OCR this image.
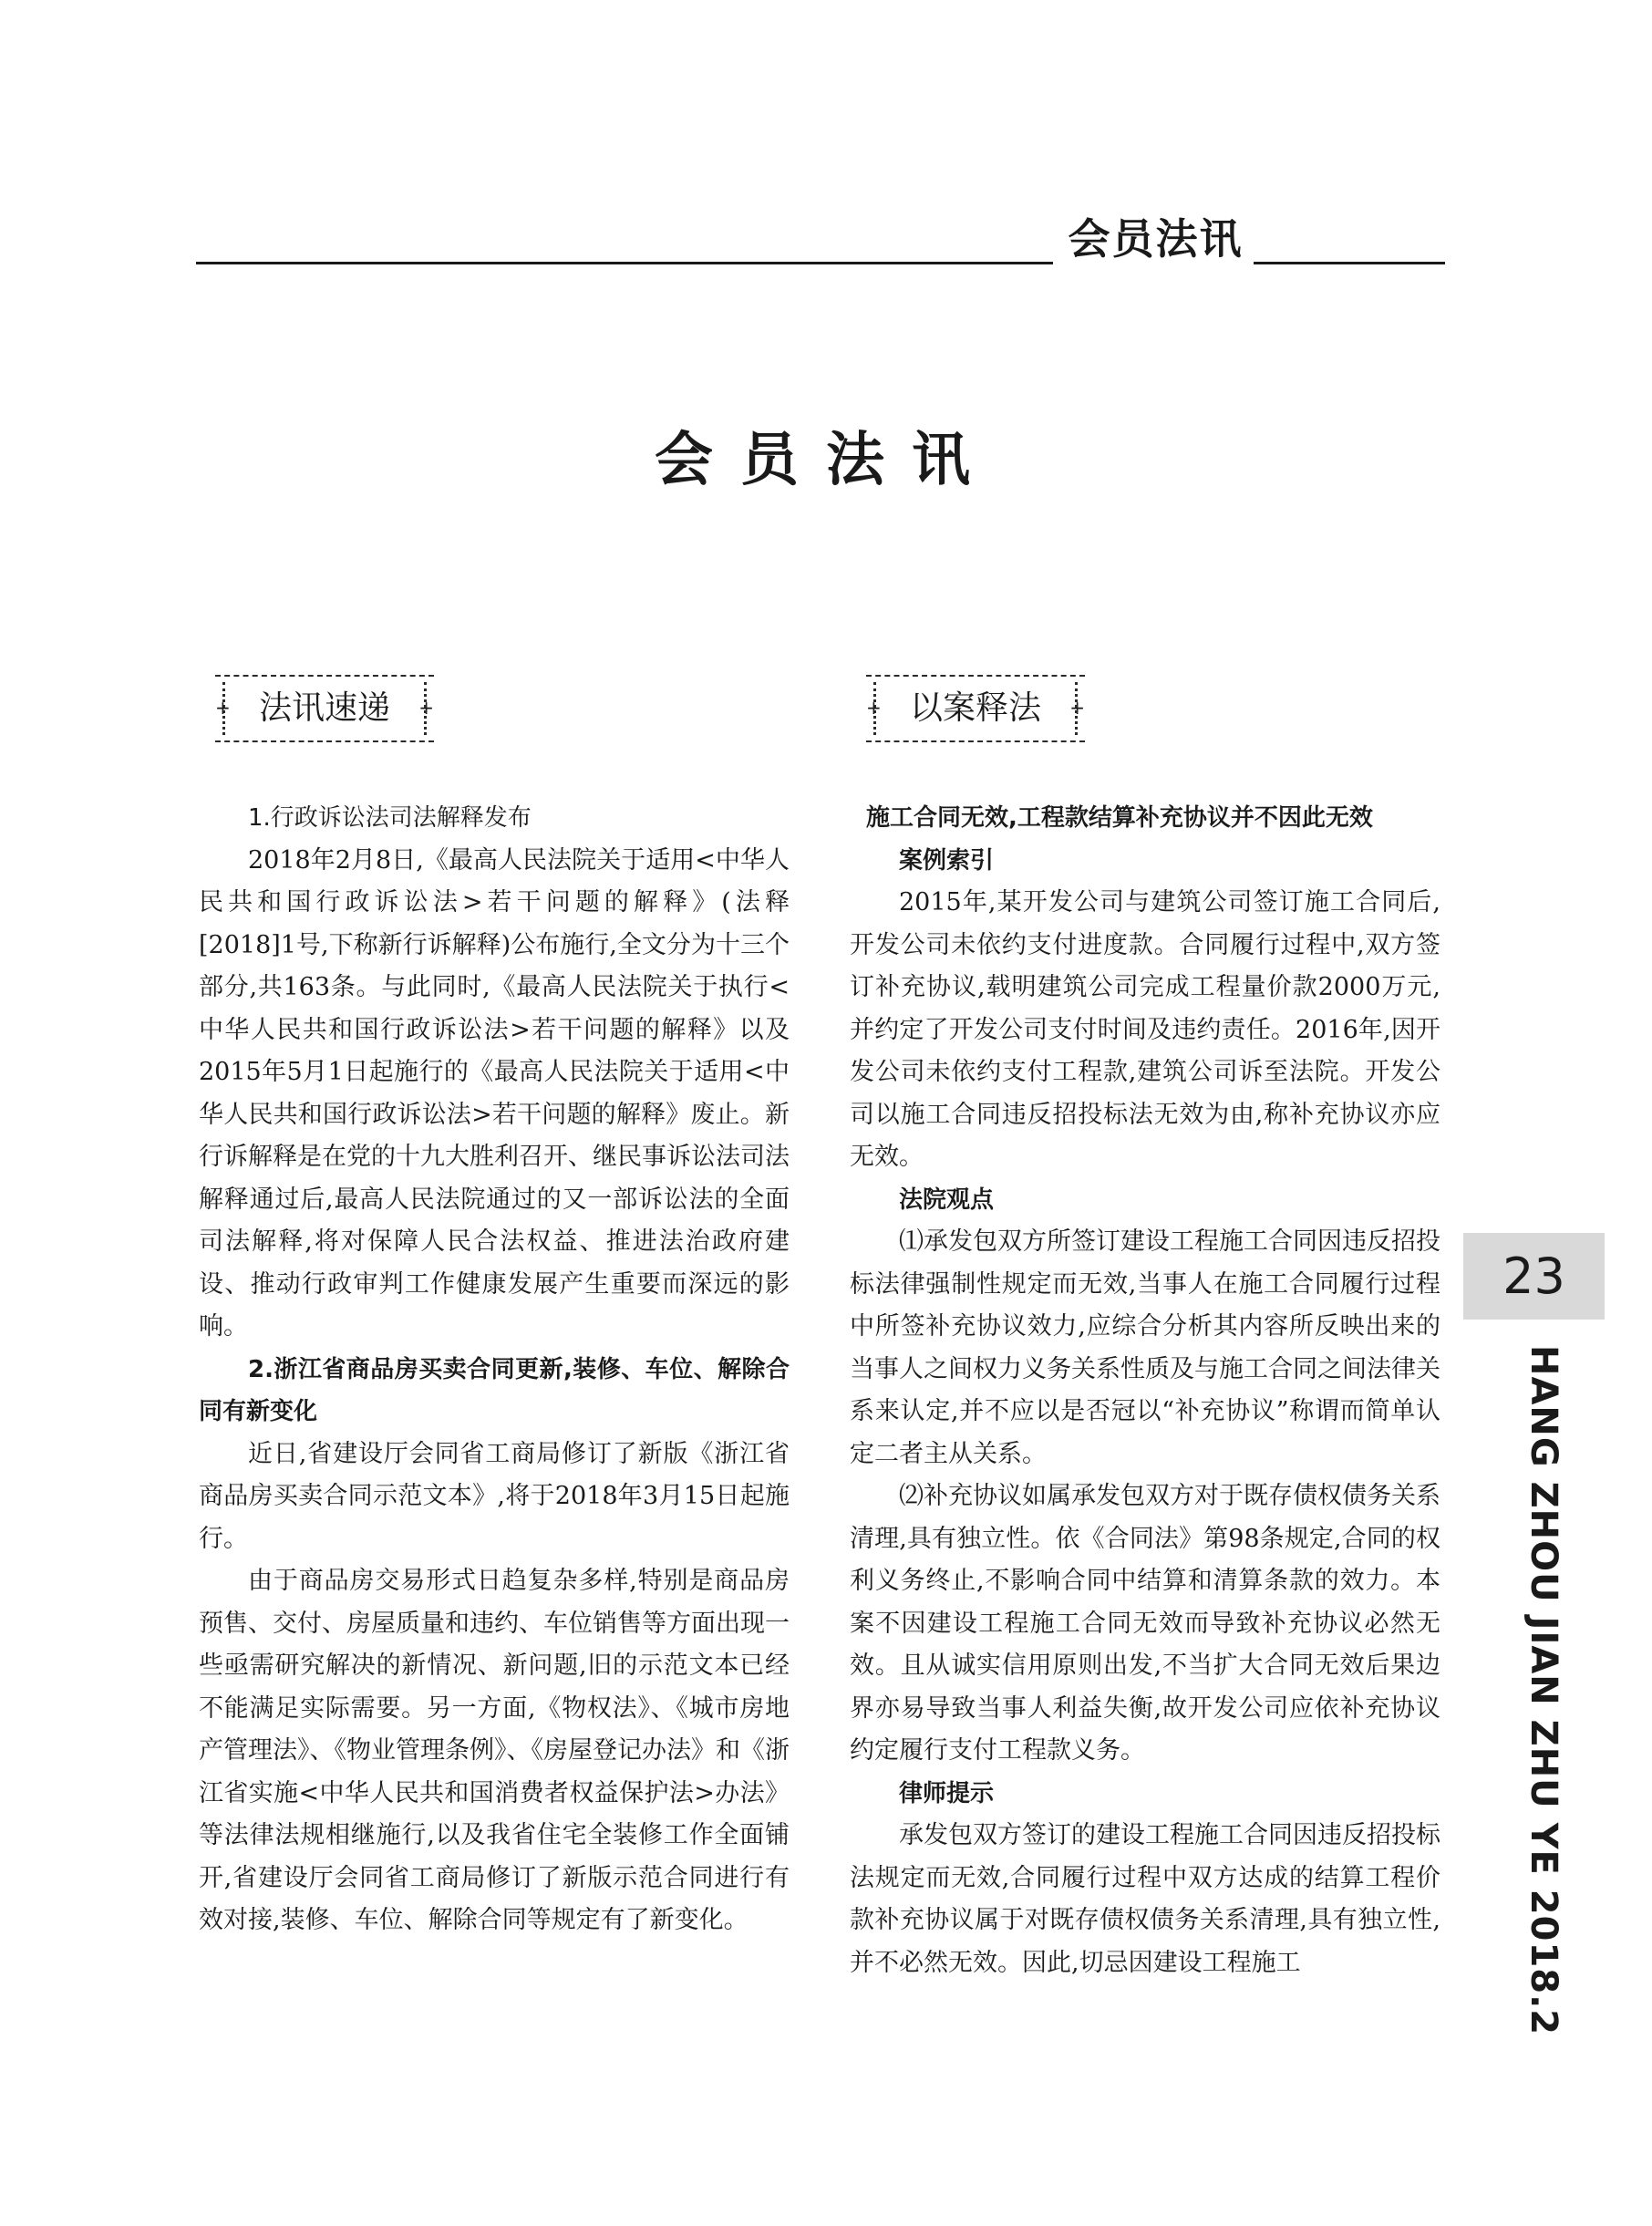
会员法讯
会员法讯
+ 法讯速递 +
1.行政诉讼法司法解释发布

2018年2月8日,《最高人民法院关于适用<中华人民共和国行政诉讼法>若干问题的解释》(法释[2018]1号,下称新行诉解释)公布施行,全文分为十三个部分,共163条。与此同时,《最高人民法院关于执行<中华人民共和国行政诉讼法>若干问题的解释》以及2015年5月1日起施行的《最高人民法院关于适用<中华人民共和国行政诉讼法>若干问题的解释》废止。新行诉解释是在党的十九大胜利召开、继民事诉讼法司法解释通过后,最高人民法院通过的又一部诉讼法的全面司法解释,将对保障人民合法权益、推进法治政府建设、推动行政审判工作健康发展产生重要而深远的影响。

2.浙江省商品房买卖合同更新,装修、车位、解除合同有新变化

近日,省建设厅会同省工商局修订了新版《浙江省商品房买卖合同示范文本》,将于2018年3月15日起施行。

由于商品房交易形式日趋复杂多样,特别是商品房预售、交付、房屋质量和违约、车位销售等方面出现一些亟需研究解决的新情况、新问题,旧的示范文本已经不能满足实际需要。另一方面,《物权法》、《城市房地产管理法》、《物业管理条例》、《房屋登记办法》和《浙江省实施<中华人民共和国消费者权益保护法>办法》等法律法规相继施行,以及我省住宅全装修工作全面铺开,省建设厅会同省工商局修订了新版示范合同进行有效对接,装修、车位、解除合同等规定有了新变化。

+ 以案释法 +
施工合同无效,工程款结算补充协议并不因此无效
案例索引

2015年,某开发公司与建筑公司签订施工合同后,开发公司未依约支付进度款。合同履行过程中,双方签订补充协议,载明建筑公司完成工程量价款2000万元,并约定了开发公司支付时间及违约责任。2016年,因开发公司未依约支付工程款,建筑公司诉至法院。开发公司以施工合同违反招投标法无效为由,称补充协议亦应无效。

法院观点

⑴承发包双方所签订建设工程施工合同因违反招投标法律强制性规定而无效,当事人在施工合同履行过程中所签补充协议效力,应综合分析其内容所反映出来的当事人之间权力义务关系性质及与施工合同之间法律关系来认定,并不应以是否冠以“补充协议”称谓而简单认定二者主从关系。

⑵补充协议如属承发包双方对于既存债权债务关系清理,具有独立性。依《合同法》第98条规定,合同的权利义务终止,不影响合同中结算和清算条款的效力。本案不因建设工程施工合同无效而导致补充协议必然无效。且从诚实信用原则出发,不当扩大合同无效后果边界亦易导致当事人利益失衡,故开发公司应依补充协议约定履行支付工程款义务。

律师提示

承发包双方签订的建设工程施工合同因违反招投标法规定而无效,合同履行过程中双方达成的结算工程价款补充协议属于对既存债权债务关系清理,具有独立性,并不必然无效。因此,切忌因建设工程施工

23
HANG ZHOU JIAN ZHU YE 2018.2
